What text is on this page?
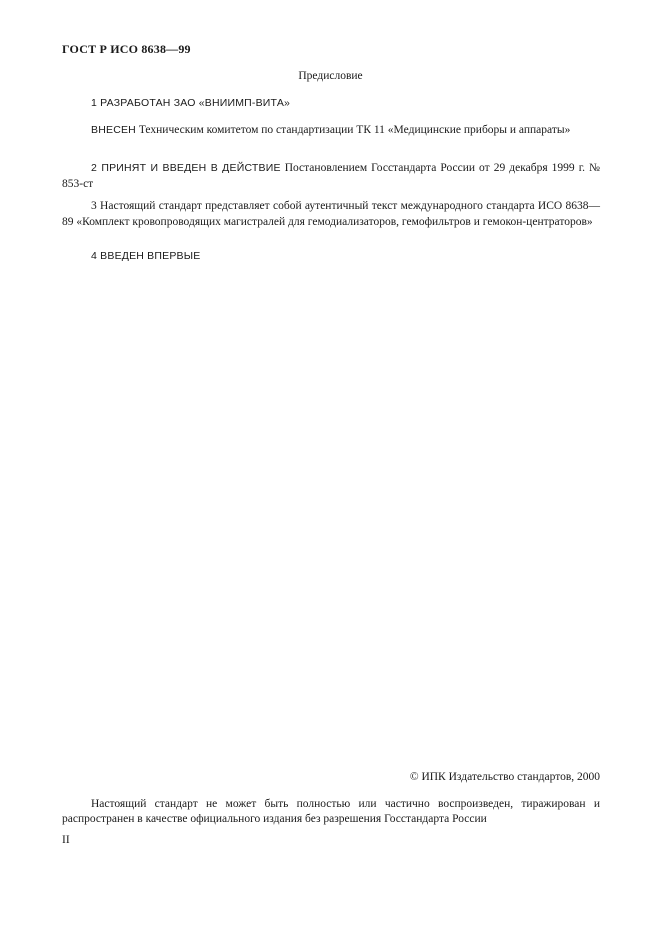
ГОСТ Р ИСО 8638—99
Предисловие
1 РАЗРАБОТАН ЗАО «ВНИИМП-ВИТА»
ВНЕСЕН Техническим комитетом по стандартизации ТК 11 «Медицинские приборы и аппараты»
2 ПРИНЯТ И ВВЕДЕН В ДЕЙСТВИЕ Постановлением Госстандарта России от 29 декабря 1999 г. № 853-ст
3 Настоящий стандарт представляет собой аутентичный текст международного стандарта ИСО 8638—89 «Комплект кровопроводящих магистралей для гемодиализаторов, гемофильтров и гемокон-центраторов»
4 ВВЕДЕН ВПЕРВЫЕ
© ИПК Издательство стандартов, 2000
Настоящий стандарт не может быть полностью или частично воспроизведен, тиражирован и распространен в качестве официального издания без разрешения Госстандарта России
II
